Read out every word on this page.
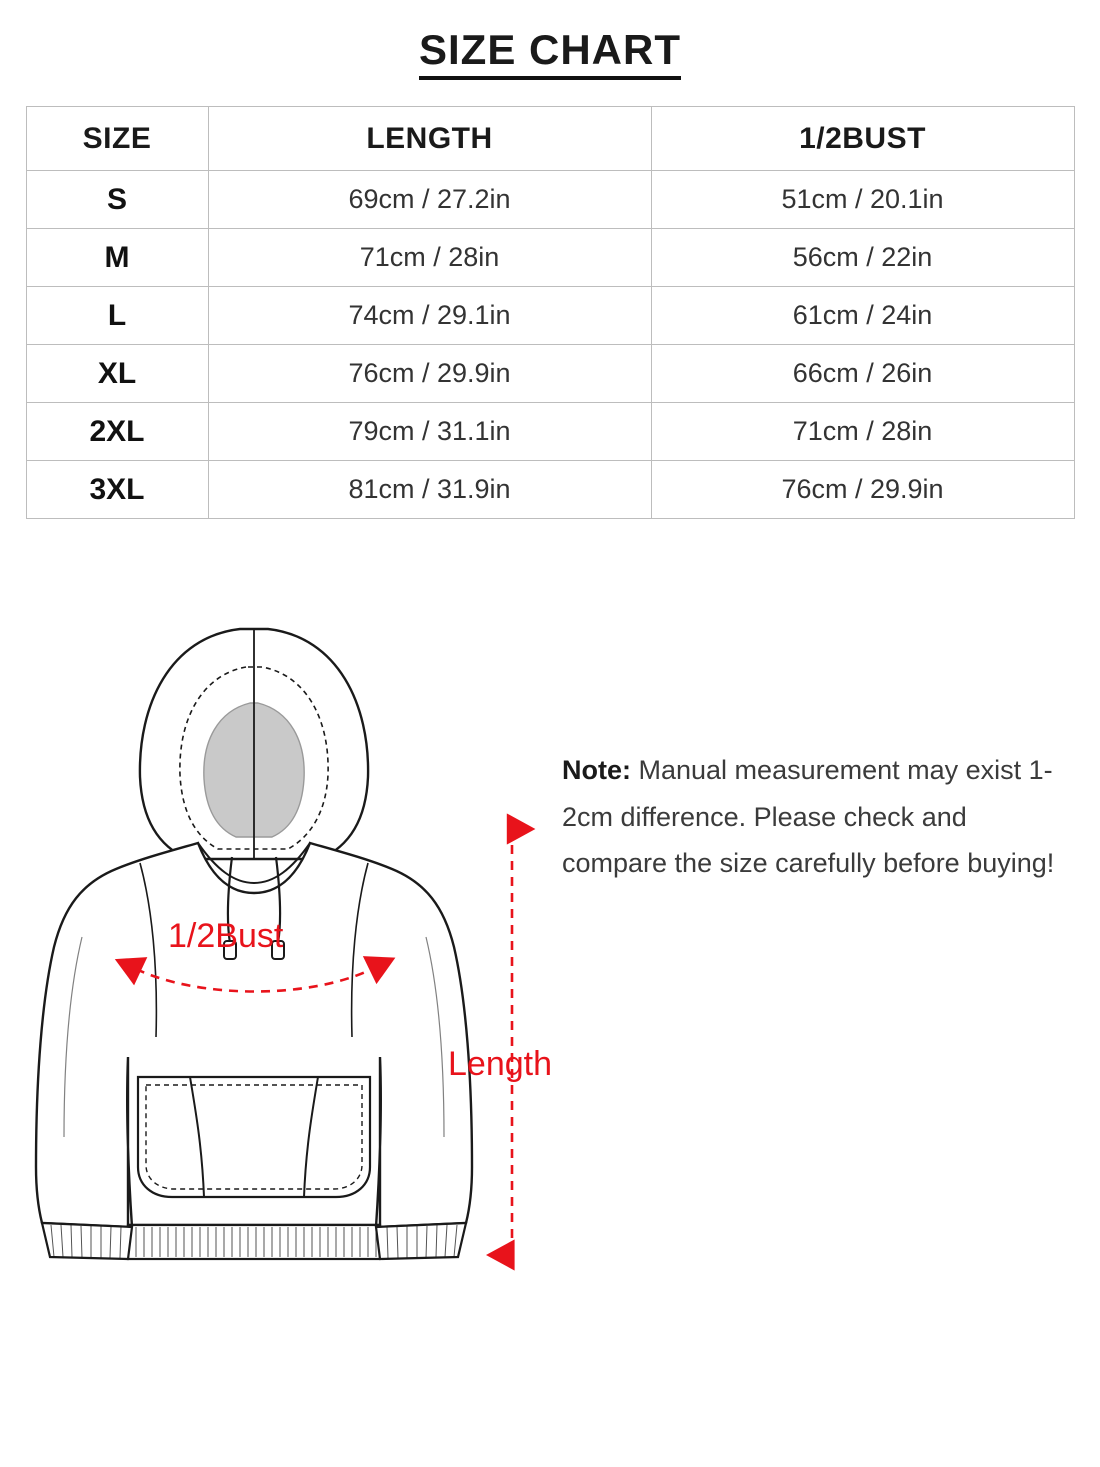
SIZE CHART
SIZE	LENGTH	1/2BUST
S	69cm / 27.2in	51cm / 20.1in
M	71cm / 28in	56cm / 22in
L	74cm / 29.1in	61cm / 24in
XL	76cm / 29.9in	66cm / 26in
2XL	79cm / 31.1in	71cm / 28in
3XL	81cm / 31.9in	76cm / 29.9in
1/2Bust
Note: Manual measurement may exist 1-2cm difference. Please check and compare the size carefully before buying!
Length
